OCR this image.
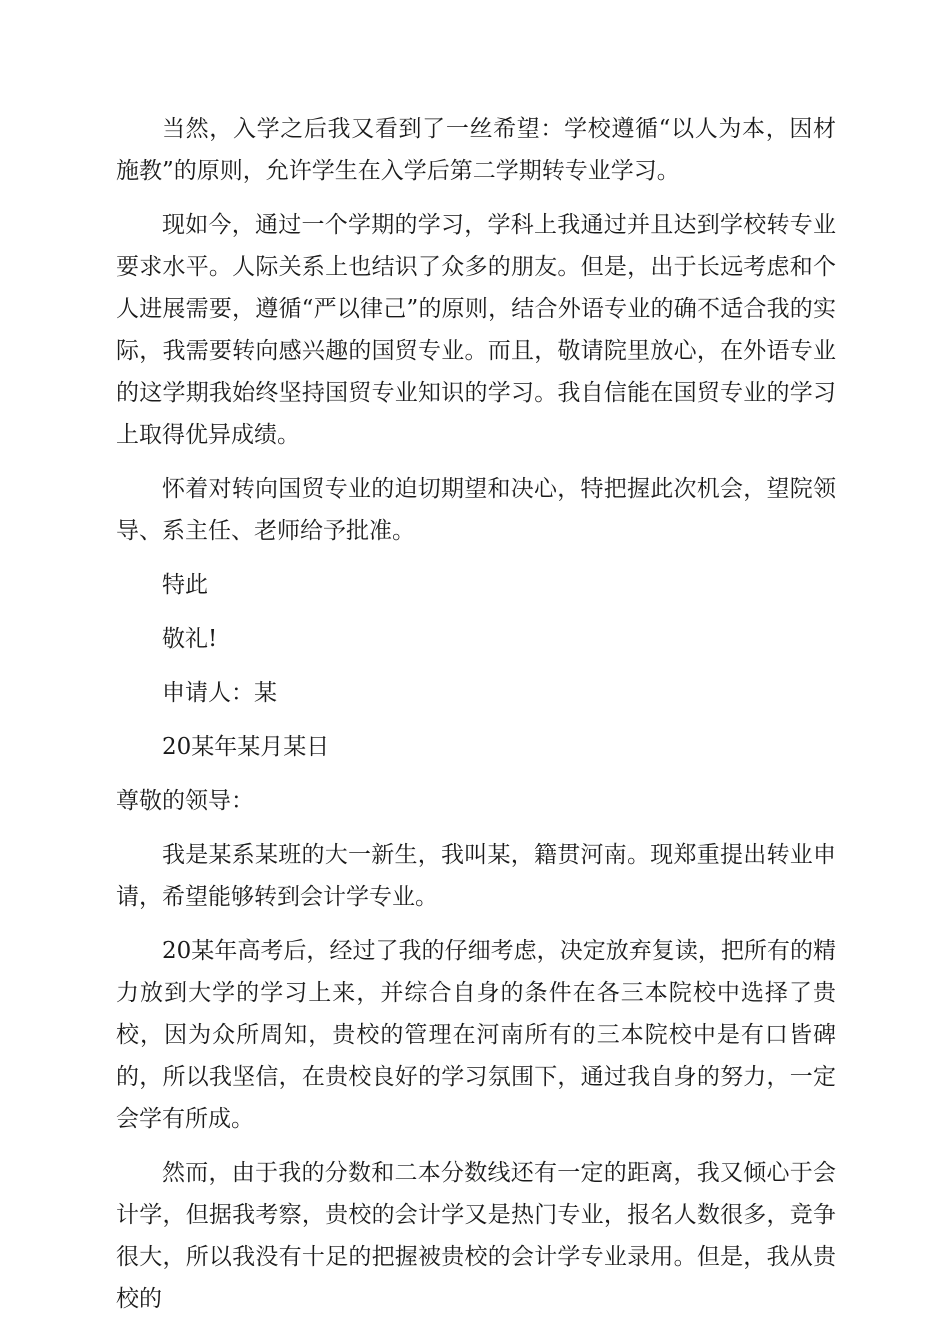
当然，入学之后我又看到了一丝希望：学校遵循“以人为本，因材施教”的原则，允许学生在入学后第二学期转专业学习。

现如今，通过一个学期的学习，学科上我通过并且达到学校转专业要求水平。人际关系上也结识了众多的朋友。但是，出于长远考虑和个人进展需要，遵循“严以律己”的原则，结合外语专业的确不适合我的实际，我需要转向感兴趣的国贸专业。而且，敬请院里放心，在外语专业的这学期我始终坚持国贸专业知识的学习。我自信能在国贸专业的学习上取得优异成绩。

怀着对转向国贸专业的迫切期望和决心，特把握此次机会，望院领导、系主任、老师给予批准。

特此

敬礼!

申请人：某

20某年某月某日

尊敬的领导：

我是某系某班的大一新生，我叫某，籍贯河南。现郑重提出转业申请，希望能够转到会计学专业。

20某年高考后，经过了我的仔细考虑，决定放弃复读，把所有的精力放到大学的学习上来，并综合自身的条件在各三本院校中选择了贵校，因为众所周知，贵校的管理在河南所有的三本院校中是有口皆碑的，所以我坚信，在贵校良好的学习氛围下，通过我自身的努力，一定会学有所成。

然而，由于我的分数和二本分数线还有一定的距离，我又倾心于会计学，但据我考察，贵校的会计学又是热门专业，报名人数很多，竞争很大，所以我没有十足的把握被贵校的会计学专业录用。但是，我从贵校的
